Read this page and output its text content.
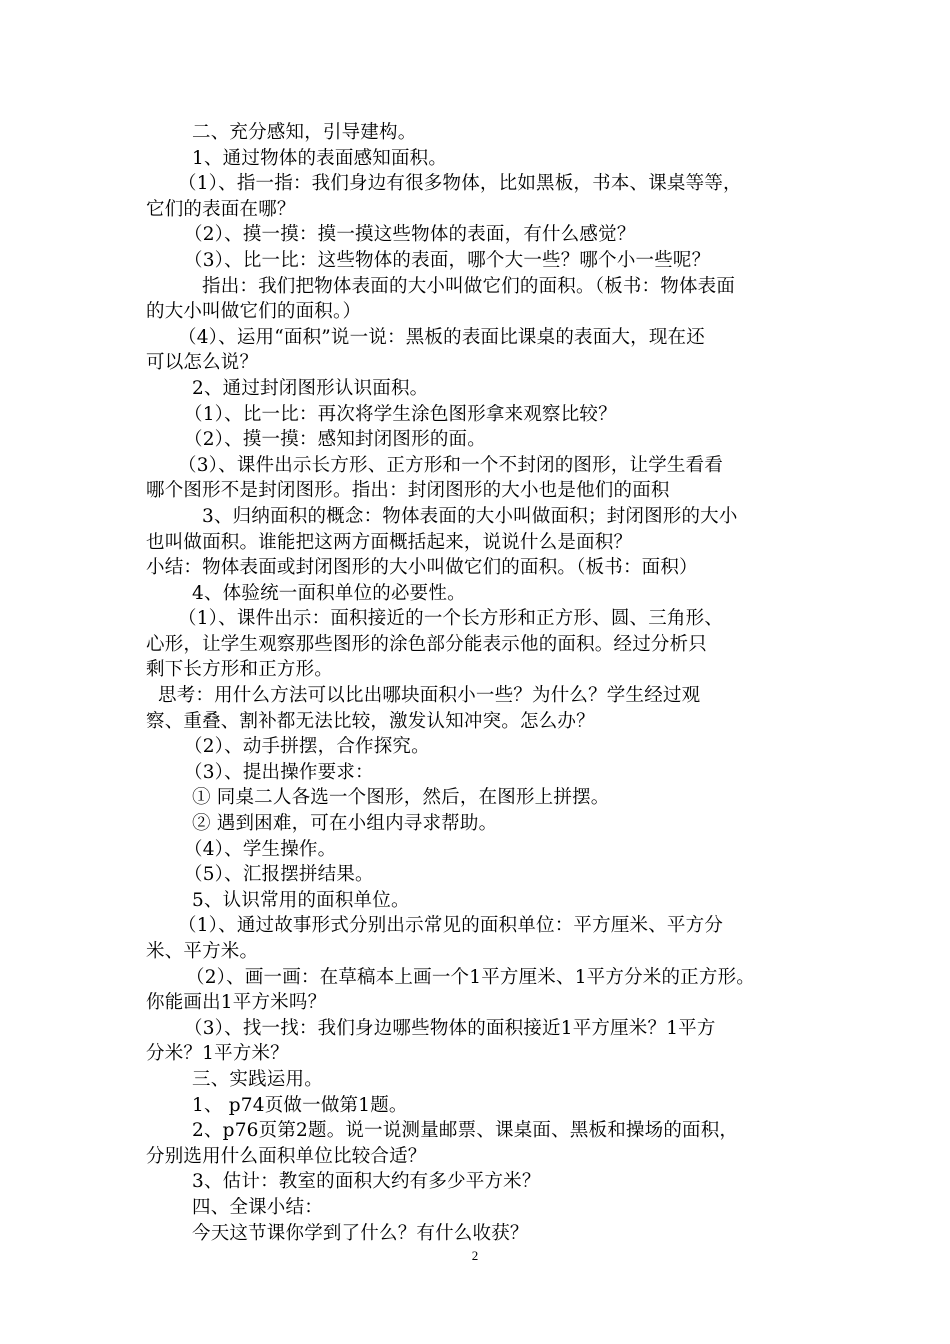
二、充分感知，引导建构。
1、通过物体的表面感知面积。
（1）、指一指：我们身边有很多物体，比如黑板，书本、课桌等等，
它们的表面在哪？
（2）、摸一摸：摸一摸这些物体的表面，有什么感觉？
（3）、比一比：这些物体的表面，哪个大一些？哪个小一些呢？
指出：我们把物体表面的大小叫做它们的面积。（板书：物体表面
的大小叫做它们的面积。）
（4）、运用“面积”说一说：黑板的表面比课桌的表面大，现在还
可以怎么说？
2、通过封闭图形认识面积。
（1）、比一比：再次将学生涂色图形拿来观察比较？
（2）、摸一摸：感知封闭图形的面。
（3）、课件出示长方形、正方形和一个不封闭的图形，让学生看看
哪个图形不是封闭图形。指出：封闭图形的大小也是他们的面积
3、归纳面积的概念：物体表面的大小叫做面积；封闭图形的大小
也叫做面积。谁能把这两方面概括起来，说说什么是面积？
小结：物体表面或封闭图形的大小叫做它们的面积。（板书：面积）
4、体验统一面积单位的必要性。
（1）、课件出示：面积接近的一个长方形和正方形、圆、三角形、
心形，让学生观察那些图形的涂色部分能表示他的面积。经过分析只
剩下长方形和正方形。
思考：用什么方法可以比出哪块面积小一些？为什么？学生经过观
察、重叠、割补都无法比较，激发认知冲突。怎么办？
（2）、动手拼摆，合作探究。
（3）、提出操作要求：
① 同桌二人各选一个图形，然后，在图形上拼摆。
② 遇到困难，可在小组内寻求帮助。
（4）、学生操作。
（5）、汇报摆拼结果。
5、认识常用的面积单位。
（1）、通过故事形式分别出示常见的面积单位：平方厘米、平方分
米、平方米。
（2）、画一画：在草稿本上画一个1平方厘米、1平方分米的正方形。
你能画出1平方米吗？
（3）、找一找：我们身边哪些物体的面积接近1平方厘米？1平方
分米？1平方米？
三、实践运用。
1、 p74页做一做第1题。
2、p76页第2题。说一说测量邮票、课桌面、黑板和操场的面积，
分别选用什么面积单位比较合适？
3、估计：教室的面积大约有多少平方米？
四、全课小结：
今天这节课你学到了什么？有什么收获？
2
